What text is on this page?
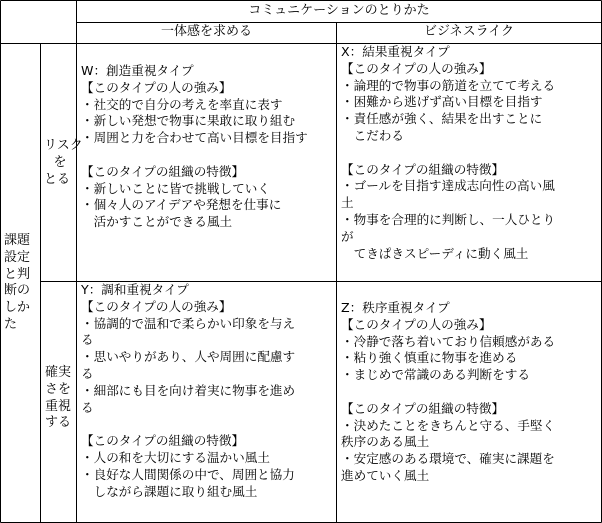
コミュニケーションのとりかた
一体感を求める	ビジネスライク
課題
設定
と判
断の
しか
た
リスク
を
とる
確実
さを
重視
する
W：創造重視タイプ
【このタイプの人の強み】
・社交的で自分の考えを率直に表す
・新しい発想で物事に果敢に取り組む
・周囲と力を合わせて高い目標を目指す
【このタイプの組織の特徴】
・新しいことに皆で挑戦していく
・個々人のアイデアや発想を仕事に
　活かすことができる風土
X：結果重視タイプ
【このタイプの人の強み】
・論理的で物事の筋道を立てて考える
・困難から逃げず高い目標を目指す
・責任感が強く、結果を出すことに
　こだわる
【このタイプの組織の特徴】
・ゴールを目指す達成志向性の高い風
土
・物事を合理的に判断し、一人ひとり
が
　てきぱきスピーディに動く風土
Y：調和重視タイプ
【このタイプの人の強み】
・協調的で温和で柔らかい印象を与え
る
・思いやりがあり、人や周囲に配慮す
る
・細部にも目を向け着実に物事を進め
る
【このタイプの組織の特徴】
・人の和を大切にする温かい風土
・良好な人間関係の中で、周囲と協力
　しながら課題に取り組む風土
Z：秩序重視タイプ
【このタイプの人の強み】
・冷静で落ち着いており信頼感がある
・粘り強く慎重に物事を進める
・まじめで常識のある判断をする
【このタイプの組織の特徴】
・決めたことをきちんと守る、手堅く
秩序のある風土
・安定感のある環境で、確実に課題を
進めていく風土
